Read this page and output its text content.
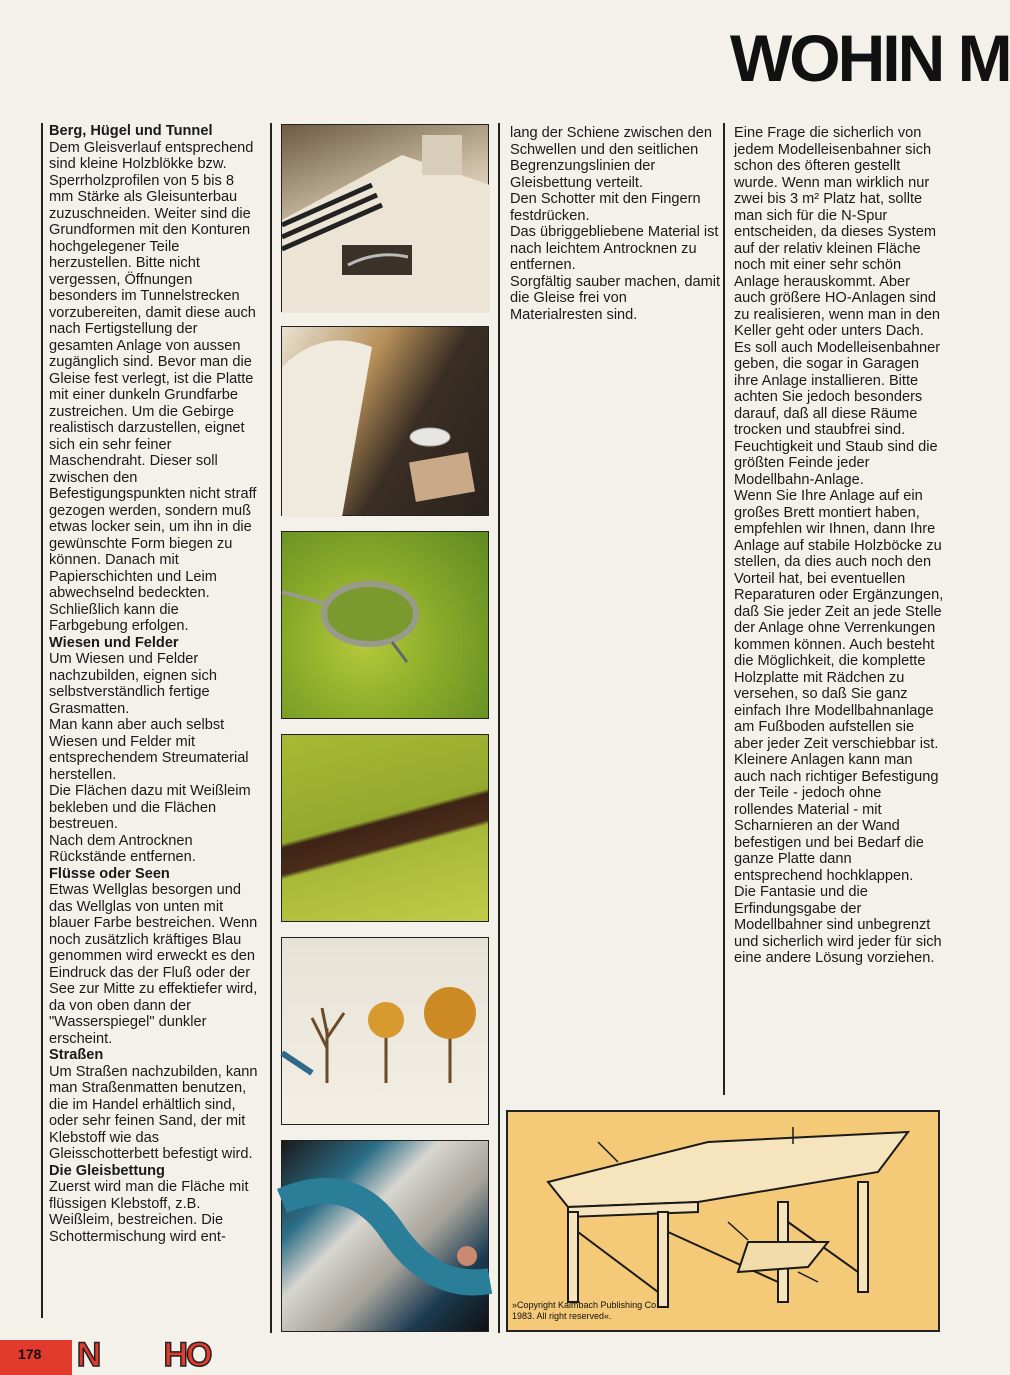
WOHIN M
Berg, Hügel und Tunnel
Dem Gleisverlauf entsprechend sind kleine Holzblökke bzw. Sperrholzprofilen von 5 bis 8 mm Stärke als Gleisunterbau zuzuschneiden. Weiter sind die Grundformen mit den Konturen hochgelegener Teile herzustellen. Bitte nicht vergessen, Öffnungen besonders im Tunnelstrecken vorzubereiten, damit diese auch nach Fertigstellung der gesamten Anlage von aussen zugänglich sind. Bevor man die Gleise fest verlegt, ist die Platte mit einer dunkeln Grundfarbe zustreichen. Um die Gebirge realistisch darzustellen, eignet sich ein sehr feiner Maschendraht. Dieser soll zwischen den Befestigungspunkten nicht straff gezogen werden, sondern muß etwas locker sein, um ihn in die gewünschte Form biegen zu können. Danach mit Papierschichten und Leim abwechselnd bedeckten.
Schließlich kann die Farbgebung erfolgen.
Wiesen und Felder
Um Wiesen und Felder nachzubilden, eignen sich selbstverständlich fertige Grasmatten.
Man kann aber auch selbst Wiesen und Felder mit entsprechendem Streumaterial herstellen.
Die Flächen dazu mit Weißleim bekleben und die Flächen bestreuen.
Nach dem Antrocknen Rückstände entfernen.
Flüsse oder Seen
Etwas Wellglas besorgen und das Wellglas von unten mit blauer Farbe bestreichen. Wenn noch zusätzlich kräftiges Blau genommen wird erweckt es den Eindruck das der Fluß oder der See zur Mitte zu effektiefer wird, da von oben dann der "Wasserspiegel" dunkler erscheint.
Straßen
Um Straßen nachzubilden, kann man Straßenmatten benutzen, die im Handel erhältlich sind, oder sehr feinen Sand, der mit Klebstoff wie das Gleisschotterbett befestigt wird.
Die Gleisbettung
Zuerst wird man die Fläche mit flüssigen Klebstoff, z.B. Weißleim, bestreichen. Die Schottermischung wird ent-
lang der Schiene zwischen den Schwellen und den seitlichen Begrenzungslinien der Gleisbettung verteilt.
Den Schotter mit den Fingern festdrücken.
Das übriggebliebene Material ist nach leichtem Antrocknen zu entfernen.
Sorgfältig sauber machen, damit die Gleise frei von Materialresten sind.
Eine Frage die sicherlich von jedem Modelleisenbahner sich schon des öfteren gestellt wurde. Wenn man wirklich nur zwei bis 3 m² Platz hat, sollte man sich für die N-Spur entscheiden, da dieses System auf der relativ kleinen Fläche noch mit einer sehr schön Anlage herauskommt. Aber auch größere HO-Anlagen sind zu realisieren, wenn man in den Keller geht oder unters Dach. Es soll auch Modelleisenbahner geben, die sogar in Garagen ihre Anlage installieren. Bitte achten Sie jedoch besonders darauf, daß all diese Räume trocken und staubfrei sind.
Feuchtigkeit und Staub sind die größten Feinde jeder Modellbahn-Anlage.
Wenn Sie Ihre Anlage auf ein großes Brett montiert haben, empfehlen wir Ihnen, dann Ihre Anlage auf stabile Holzböcke zu stellen, da dies auch noch den Vorteil hat, bei eventuellen Reparaturen oder Ergänzungen, daß Sie jeder Zeit an jede Stelle der Anlage ohne Verrenkungen kommen können. Auch besteht die Möglichkeit, die komplette Holzplatte mit Rädchen zu versehen, so daß Sie ganz einfach Ihre Modellbahnanlage am Fußboden aufstellen sie aber jeder Zeit verschiebbar ist. Kleinere Anlagen kann man auch nach richtiger Befestigung der Teile - jedoch ohne rollendes Material - mit Scharnieren an der Wand befestigen und bei Bedarf die ganze Platte dann entsprechend hochklappen.
Die Fantasie und die Erfindungsgabe der Modellbahner sind unbegrenzt und sicherlich wird jeder für sich eine andere Lösung vorziehen.
»Copyright Kalmbach Publishing Co. 1983. All right reserved«.
178 N HO
